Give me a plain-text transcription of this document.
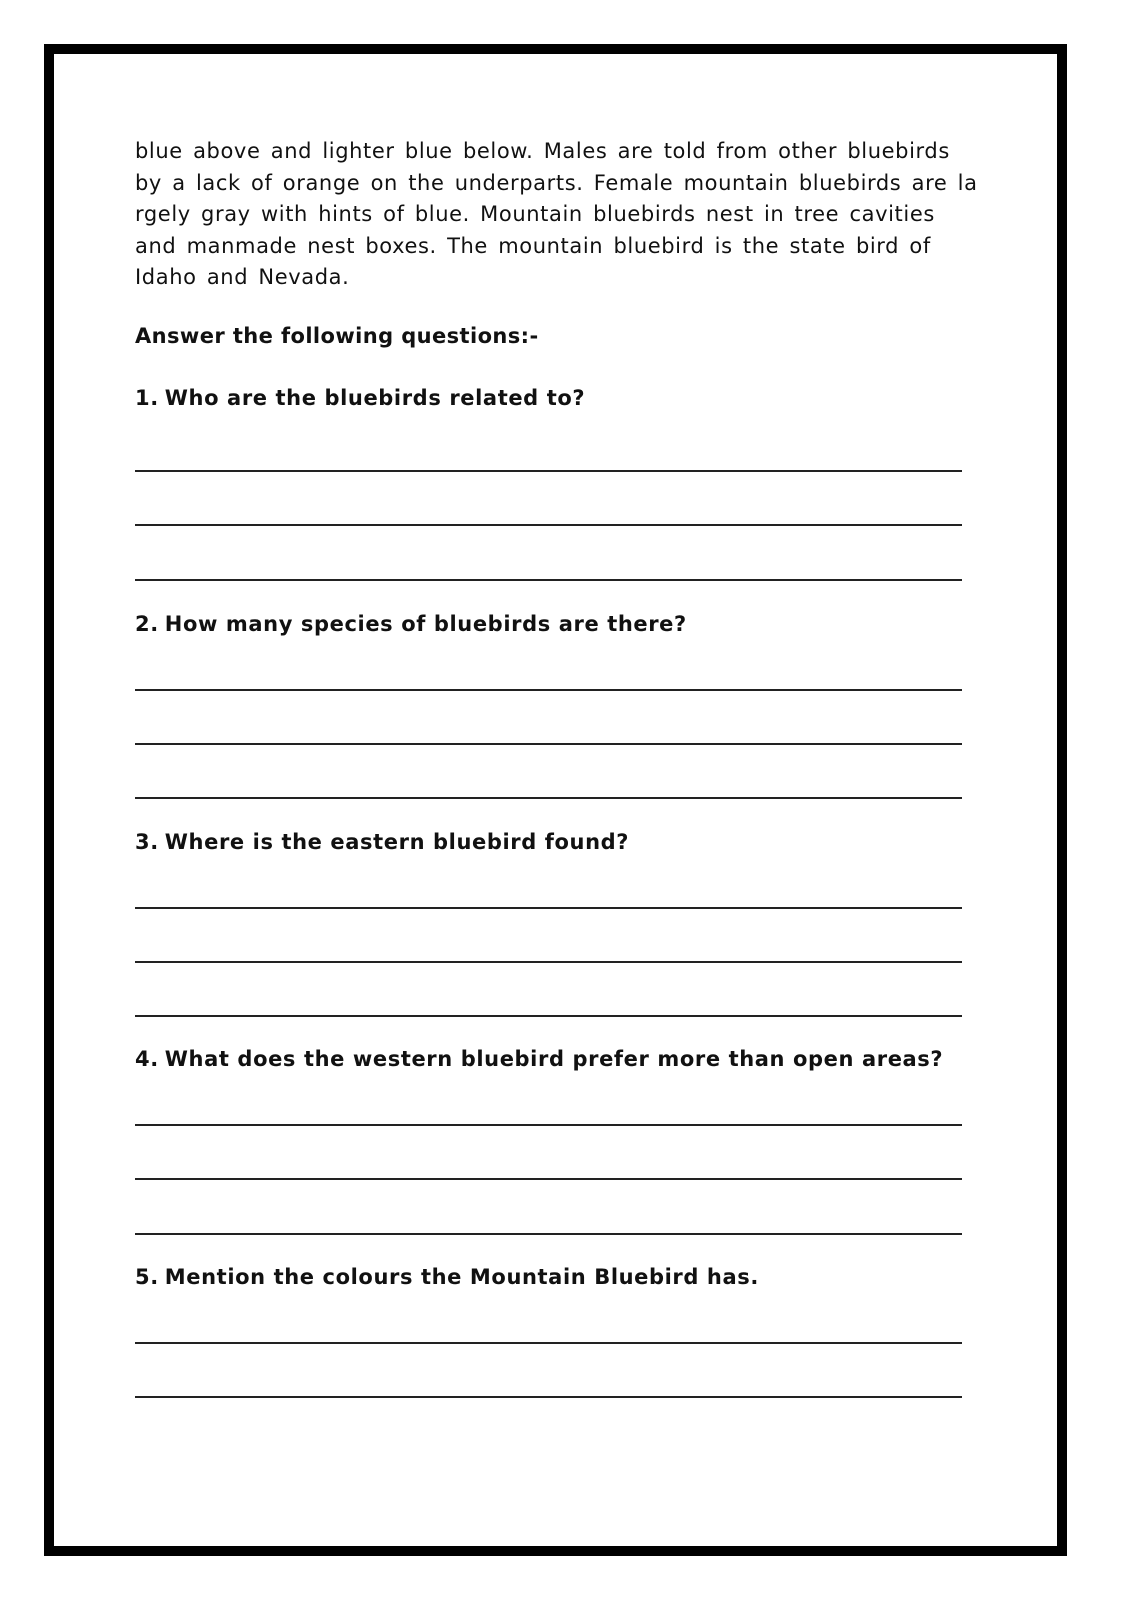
blue above and lighter blue below. Males are told from other bluebirds
by a lack of orange on the underparts. Female mountain bluebirds are la
rgely gray with hints of blue. Mountain bluebirds nest in tree cavities
and manmade nest boxes. The mountain bluebird is the state bird of
Idaho and Nevada.
Answer the following questions:-
1. Who are the bluebirds related to?
2. How many species of bluebirds are there?
3. Where is the eastern bluebird found?
4. What does the western bluebird prefer more than open areas?
5. Mention the colours the Mountain Bluebird has.
